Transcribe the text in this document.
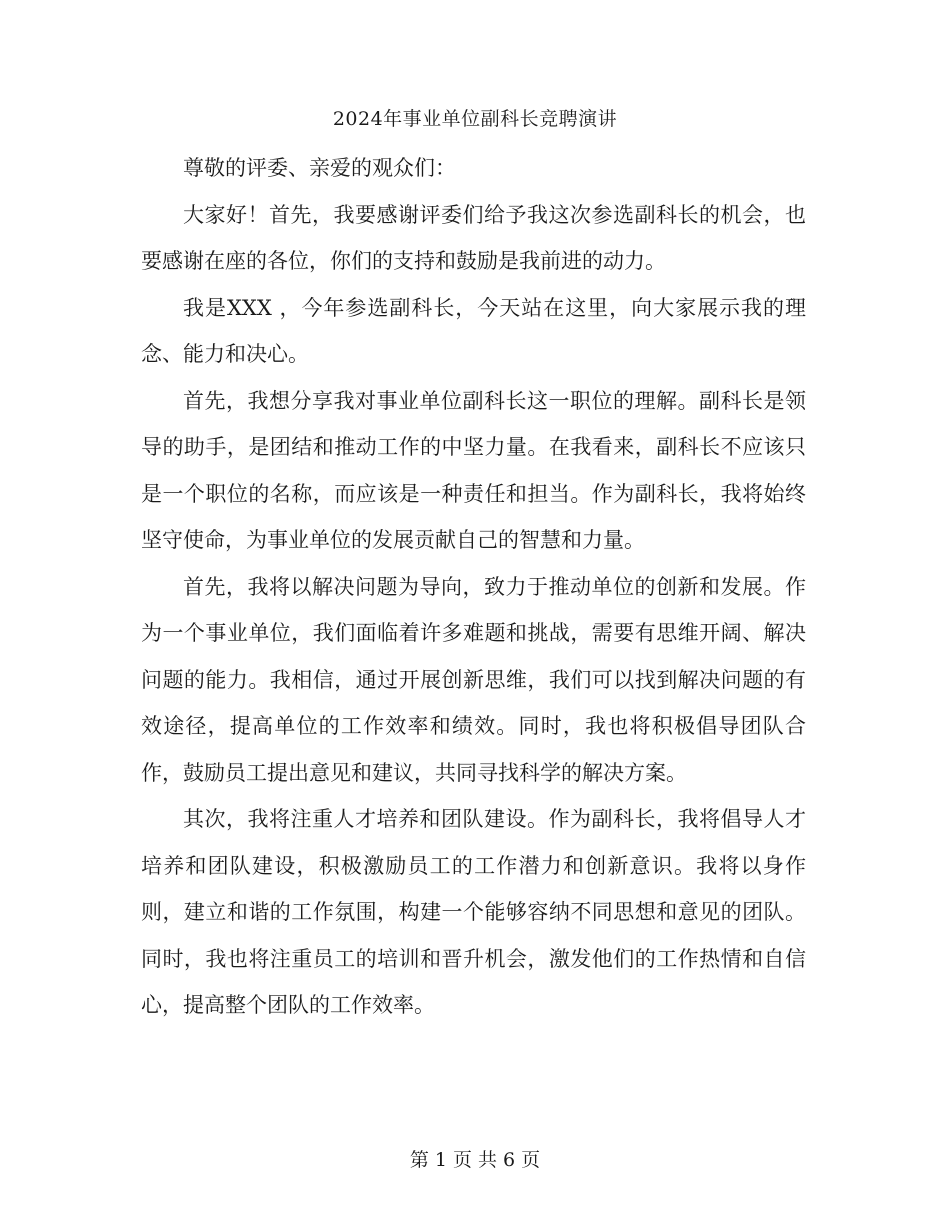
2024年事业单位副科长竞聘演讲

尊敬的评委、亲爱的观众们：

大家好！首先，我要感谢评委们给予我这次参选副科长的机会，也要感谢在座的各位，你们的支持和鼓励是我前进的动力。

我是XXX ，今年参选副科长，今天站在这里，向大家展示我的理念、能力和决心。

首先，我想分享我对事业单位副科长这一职位的理解。副科长是领导的助手，是团结和推动工作的中坚力量。在我看来，副科长不应该只是一个职位的名称，而应该是一种责任和担当。作为副科长，我将始终坚守使命，为事业单位的发展贡献自己的智慧和力量。

首先，我将以解决问题为导向，致力于推动单位的创新和发展。作为一个事业单位，我们面临着许多难题和挑战，需要有思维开阔、解决问题的能力。我相信，通过开展创新思维，我们可以找到解决问题的有效途径，提高单位的工作效率和绩效。同时，我也将积极倡导团队合作，鼓励员工提出意见和建议，共同寻找科学的解决方案。

其次，我将注重人才培养和团队建设。作为副科长，我将倡导人才培养和团队建设，积极激励员工的工作潜力和创新意识。我将以身作则，建立和谐的工作氛围，构建一个能够容纳不同思想和意见的团队。同时，我也将注重员工的培训和晋升机会，激发他们的工作热情和自信心，提高整个团队的工作效率。

第 1 页 共 6 页
